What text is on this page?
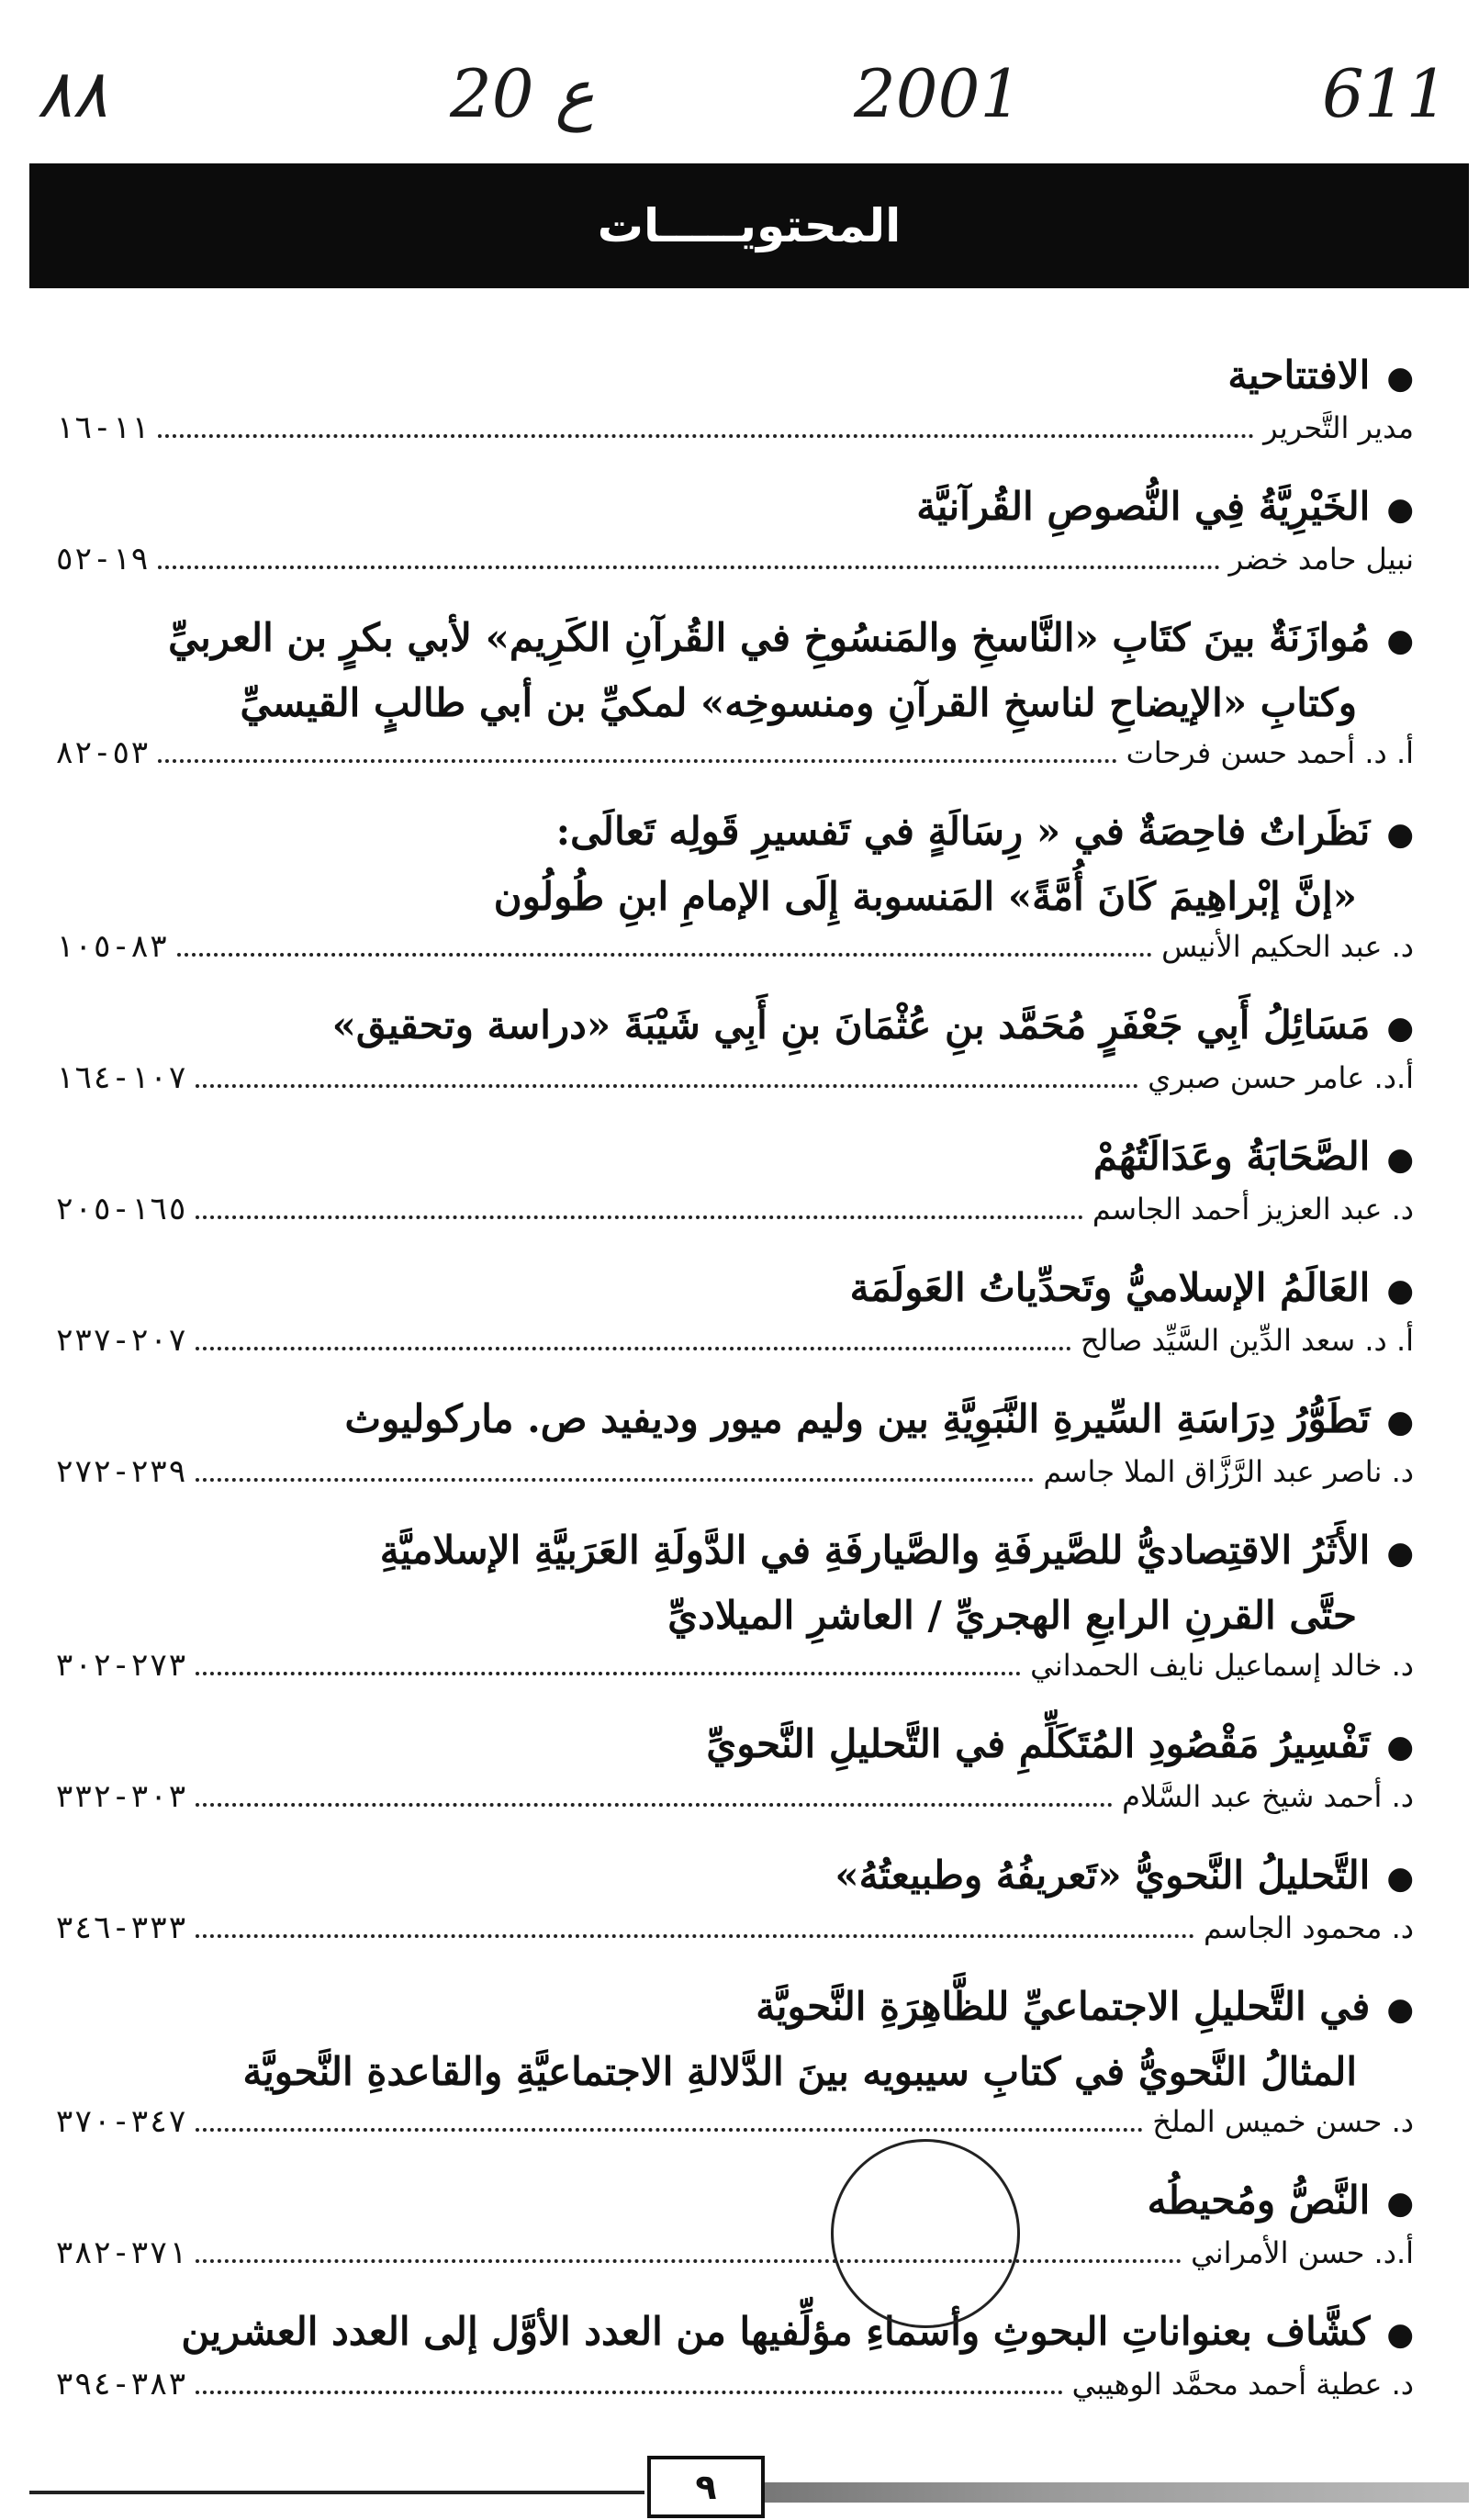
٨٨	20 ع	2001	611
المحتويـــــات
●الافتتاحية
مدير التَّحرير
١١-١٦
●الخَيْرِيَّةُ فِي النُّصوصِ القُرآنيَّة
نبيل حامد خضر
١٩-٥٢
●مُوازَنَةٌ بينَ كتَابِ «النَّاسخِ والمَنسُوخِ في القُرآنِ الكَرِيم» لأبي بكرٍ بن العربيِّ
وكتابِ «الإيضاحِ لناسخِ القرآنِ ومنسوخِه» لمكيِّ بن أبي طالبٍ القيسيِّ
أ. د. أحمد حسن فرحات
٥٣-٨٢
●نَظَراتٌ فاحِصَةٌ في « رِسَالَةٍ في تَفسيرِ قَولِه تَعالَى:
«إنَّ إبْراهِيمَ كَانَ أُمَّةً» المَنسوبة إِلَى الإمامِ ابنِ طُولُون
د. عبد الحكيم الأنيس
٨٣-١٠٥
●مَسَائِلُ أَبِي جَعْفَرٍ مُحَمَّد بنِ عُثْمَانَ بنِ أَبِي شَيْبَةَ «دراسة وتحقيق»
أ.د. عامر حسن صبري
١٠٧-١٦٤
●الصَّحَابَةُ وعَدَالَتُهُمْ
د. عبد العزيز أحمد الجاسم
١٦٥-٢٠٥
●العَالَمُ الإسلاميُّ وتَحدِّياتُ العَولَمَة
أ. د. سعد الدِّين السَّيِّد صالح
٢٠٧-٢٣٧
●تَطَوُّرُ دِرَاسَةِ السِّيرةِ النَّبَوِيَّةِ بين وليم ميور وديفيد ص. ماركوليوث
د. ناصر عبد الرَّزَّاق الملا جاسم
٢٣٩-٢٧٢
●الأَثَرُ الاقتِصاديُّ للصَّيرفَةِ والصَّيارفَةِ في الدَّولَةِ العَرَبيَّةِ الإسلاميَّةِ
حتَّى القرنِ الرابعِ الهجريِّ / العاشرِ الميلاديِّ
د. خالد إسماعيل نايف الحمداني
٢٧٣-٣٠٢
●تَفْسِيرُ مَقْصُودِ المُتَكَلِّمِ في التَّحليلِ النَّحويِّ
د. أحمد شيخ عبد السَّلام
٣٠٣-٣٣٢
●التَّحليلُ النَّحويُّ «تَعريفُهُ وطبيعتُهُ»
د. محمود الجاسم
٣٣٣-٣٤٦
●في التَّحليلِ الاجتماعيِّ للظَّاهِرَةِ النَّحويَّة
المثالُ النَّحويُّ في كتابِ سيبويه بينَ الدَّلالةِ الاجتماعيَّةِ والقاعدةِ النَّحويَّة
د. حسن خميس الملخ
٣٤٧-٣٧٠
●النَّصُّ ومُحيطُه
أ.د. حسن الأمراني
٣٧١-٣٨٢
●كشَّاف بعنواناتِ البحوثِ وأسماءِ مؤلِّفيها من العدد الأوَّل إلى العدد العشرين
د. عطية أحمد محمَّد الوهيبي
٣٨٣-٣٩٤
٩
